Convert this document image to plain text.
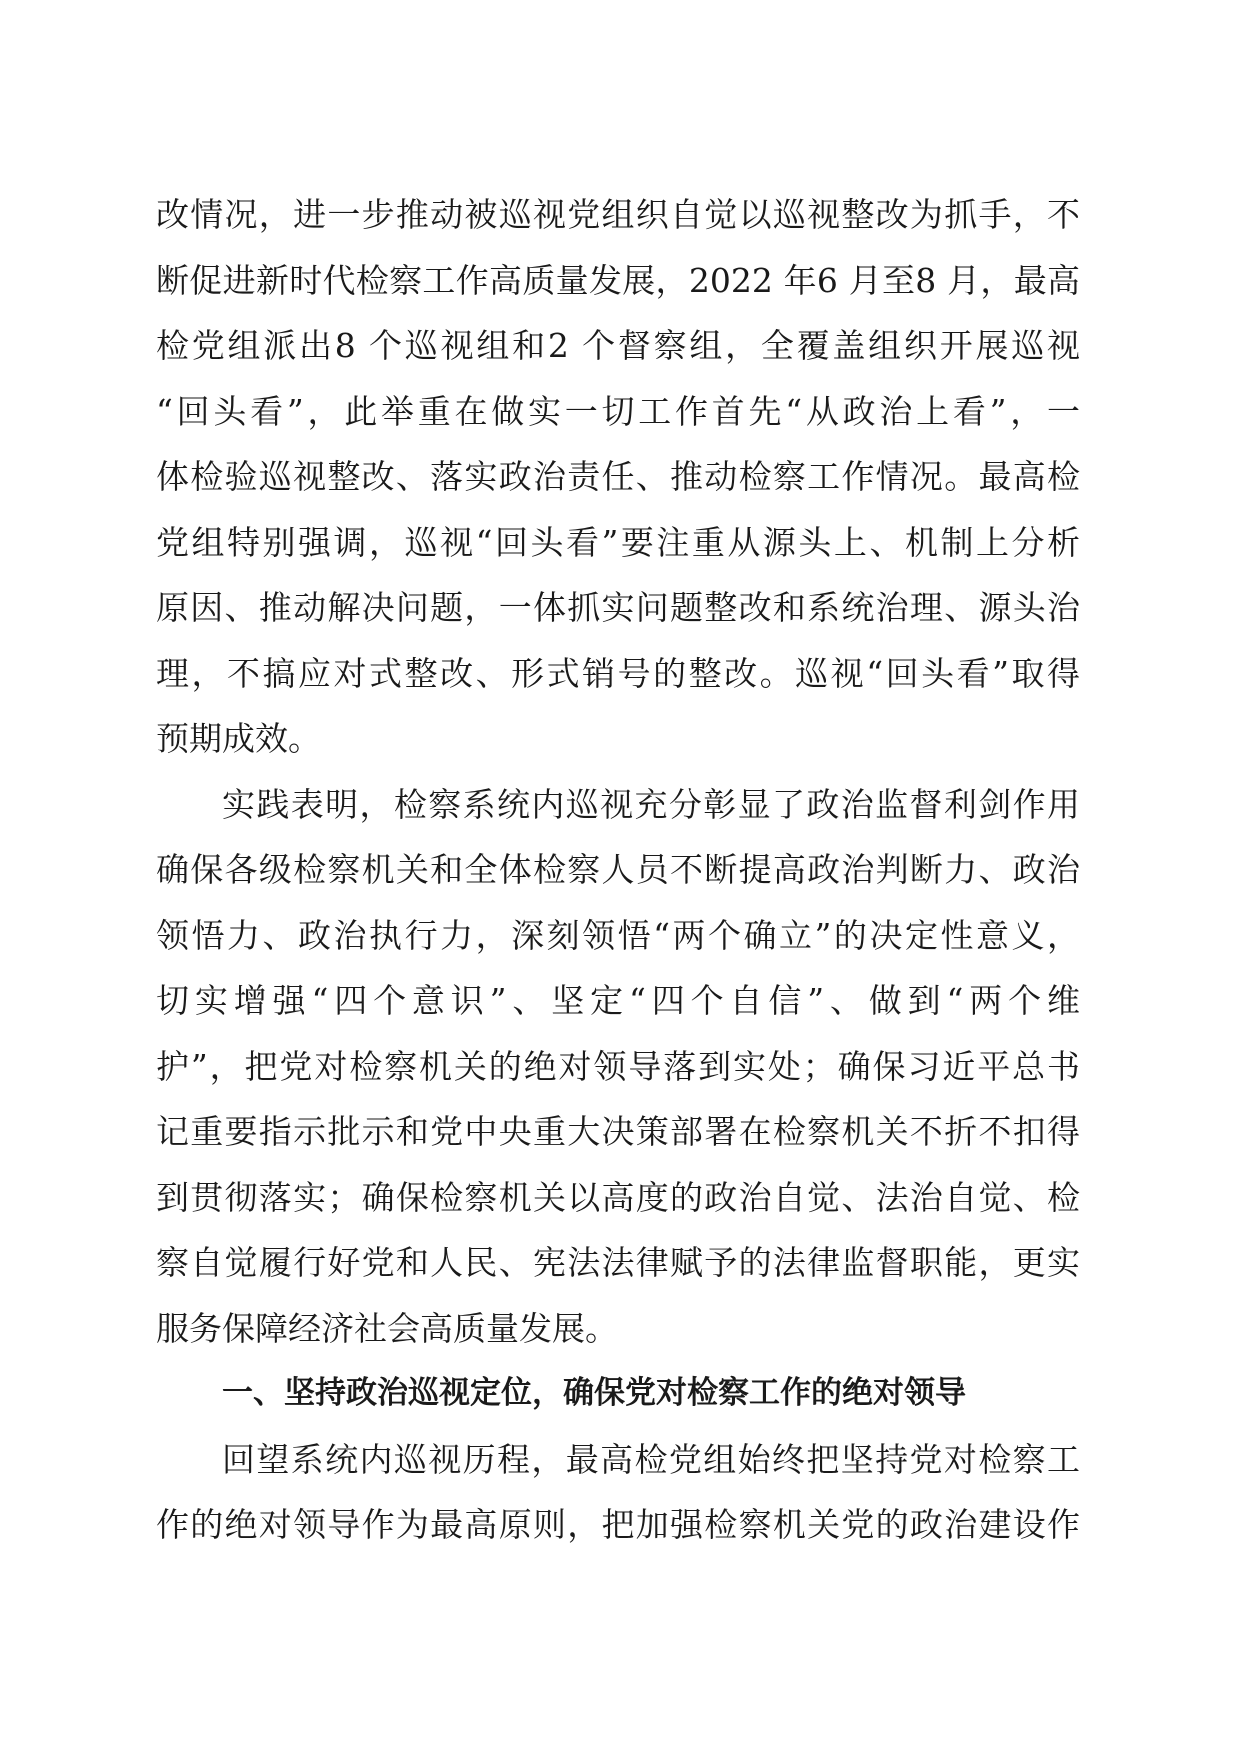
改情况，进一步推动被巡视党组织自觉以巡视整改为抓手，不
断促进新时代检察工作高质量发展，2022 年6 月至8 月，最高
检党组派出8 个巡视组和2 个督察组，全覆盖组织开展巡视
“回头看”，此举重在做实一切工作首先“从政治上看”，一
体检验巡视整改、落实政治责任、推动检察工作情况。最高检
党组特别强调，巡视“回头看”要注重从源头上、机制上分析
原因、推动解决问题，一体抓实问题整改和系统治理、源头治
理，不搞应对式整改、形式销号的整改。巡视“回头看”取得
预期成效。
实践表明，检察系统内巡视充分彰显了政治监督利剑作用
确保各级检察机关和全体检察人员不断提高政治判断力、政治
领悟力、政治执行力，深刻领悟“两个确立”的决定性意义，
切实增强“四个意识”、坚定“四个自信”、做到“两个维
护”，把党对检察机关的绝对领导落到实处；确保习近平总书
记重要指示批示和党中央重大决策部署在检察机关不折不扣得
到贯彻落实；确保检察机关以高度的政治自觉、法治自觉、检
察自觉履行好党和人民、宪法法律赋予的法律监督职能，更实
服务保障经济社会高质量发展。
一、坚持政治巡视定位，确保党对检察工作的绝对领导
回望系统内巡视历程，最高检党组始终把坚持党对检察工
作的绝对领导作为最高原则，把加强检察机关党的政治建设作
